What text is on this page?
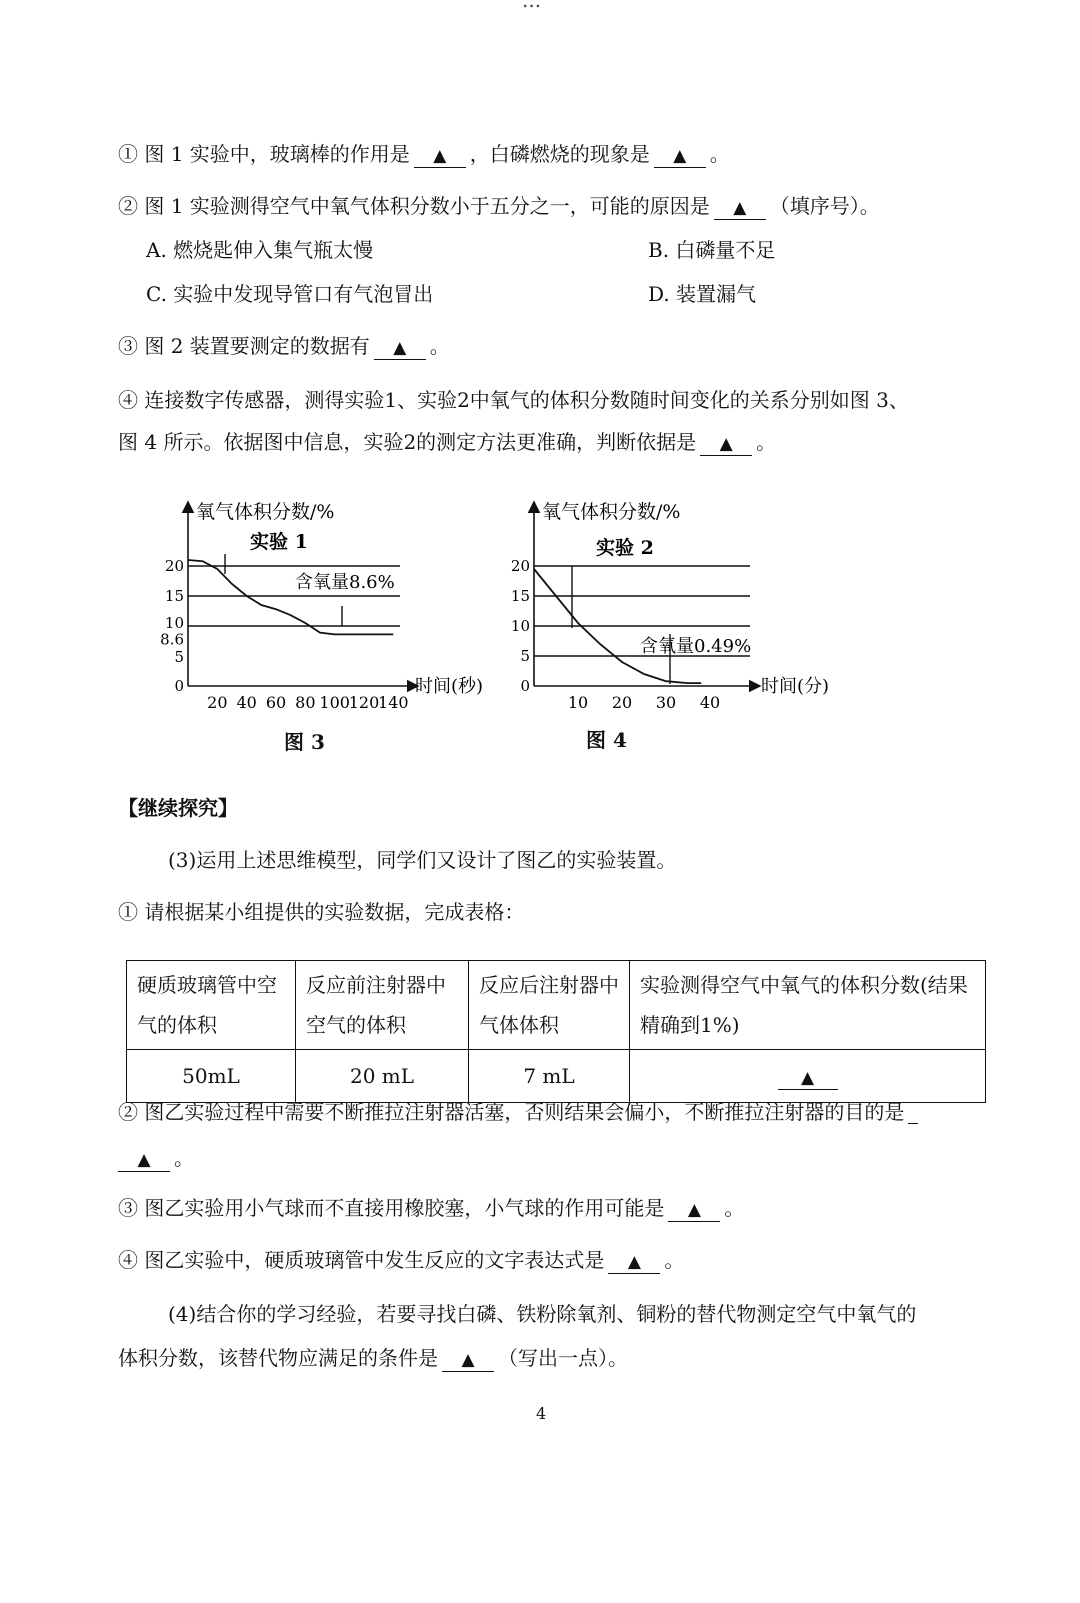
...
① 图 1 实验中，玻璃棒的作用是 ▲ ，白磷燃烧的现象是 ▲ 。
② 图 1 实验测得空气中氧气体积分数小于五分之一，可能的原因是 ▲ （填序号）。
A. 燃烧匙伸入集气瓶太慢	B. 白磷量不足
C. 实验中发现导管口有气泡冒出	D. 装置漏气
③ 图 2 装置要测定的数据有 ▲ 。
④ 连接数字传感器，测得实验1、实验2中氧气的体积分数随时间变化的关系分别如图 3、
图 4 所示。依据图中信息，实验2的测定方法更准确，判断依据是 ▲ 。
0
5
8.6
10
15
20
20 40 60 80 100
120
140
氧气体积分数/%
实验 1
含氧量8.6%
时间(秒)
图 3
0
5
10
15
20
10 20 30 40
氧气体积分数/%
实验 2
含氧量0.49%
时间(分)
图 4
【继续探究】
(3)运用上述思维模型，同学们又设计了图乙的实验装置。
① 请根据某小组提供的实验数据，完成表格：
硬质玻璃管中空气的体积	反应前注射器中空气的体积	反应后注射器中气体体积	实验测得空气中氧气的体积分数(结果精确到1%)
50mL	20 mL	7 mL	▲
② 图乙实验过程中需要不断推拉注射器活塞，否则结果会偏小，不断推拉注射器的目的是
▲ 。
③ 图乙实验用小气球而不直接用橡胶塞，小气球的作用可能是 ▲ 。
④ 图乙实验中，硬质玻璃管中发生反应的文字表达式是 ▲ 。
(4)结合你的学习经验，若要寻找白磷、铁粉除氧剂、铜粉的替代物测定空气中氧气的
体积分数，该替代物应满足的条件是 ▲ （写出一点）。
4
